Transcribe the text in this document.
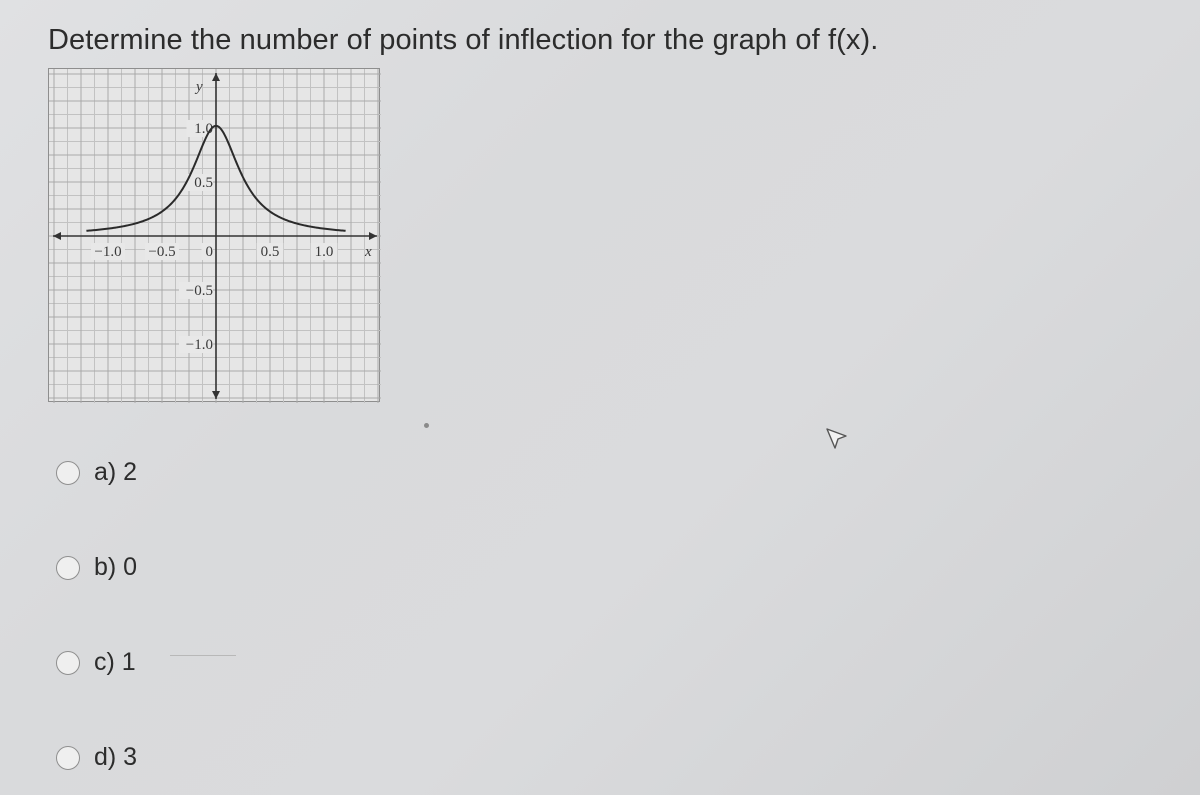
Determine the number of points of inflection for the graph of f(x).
−1.0 −0.5 0	0.5 1.0
1.0
0.5
−0.5
−1.0
x
y
a) 2
b) 0
c) 1
d) 3
